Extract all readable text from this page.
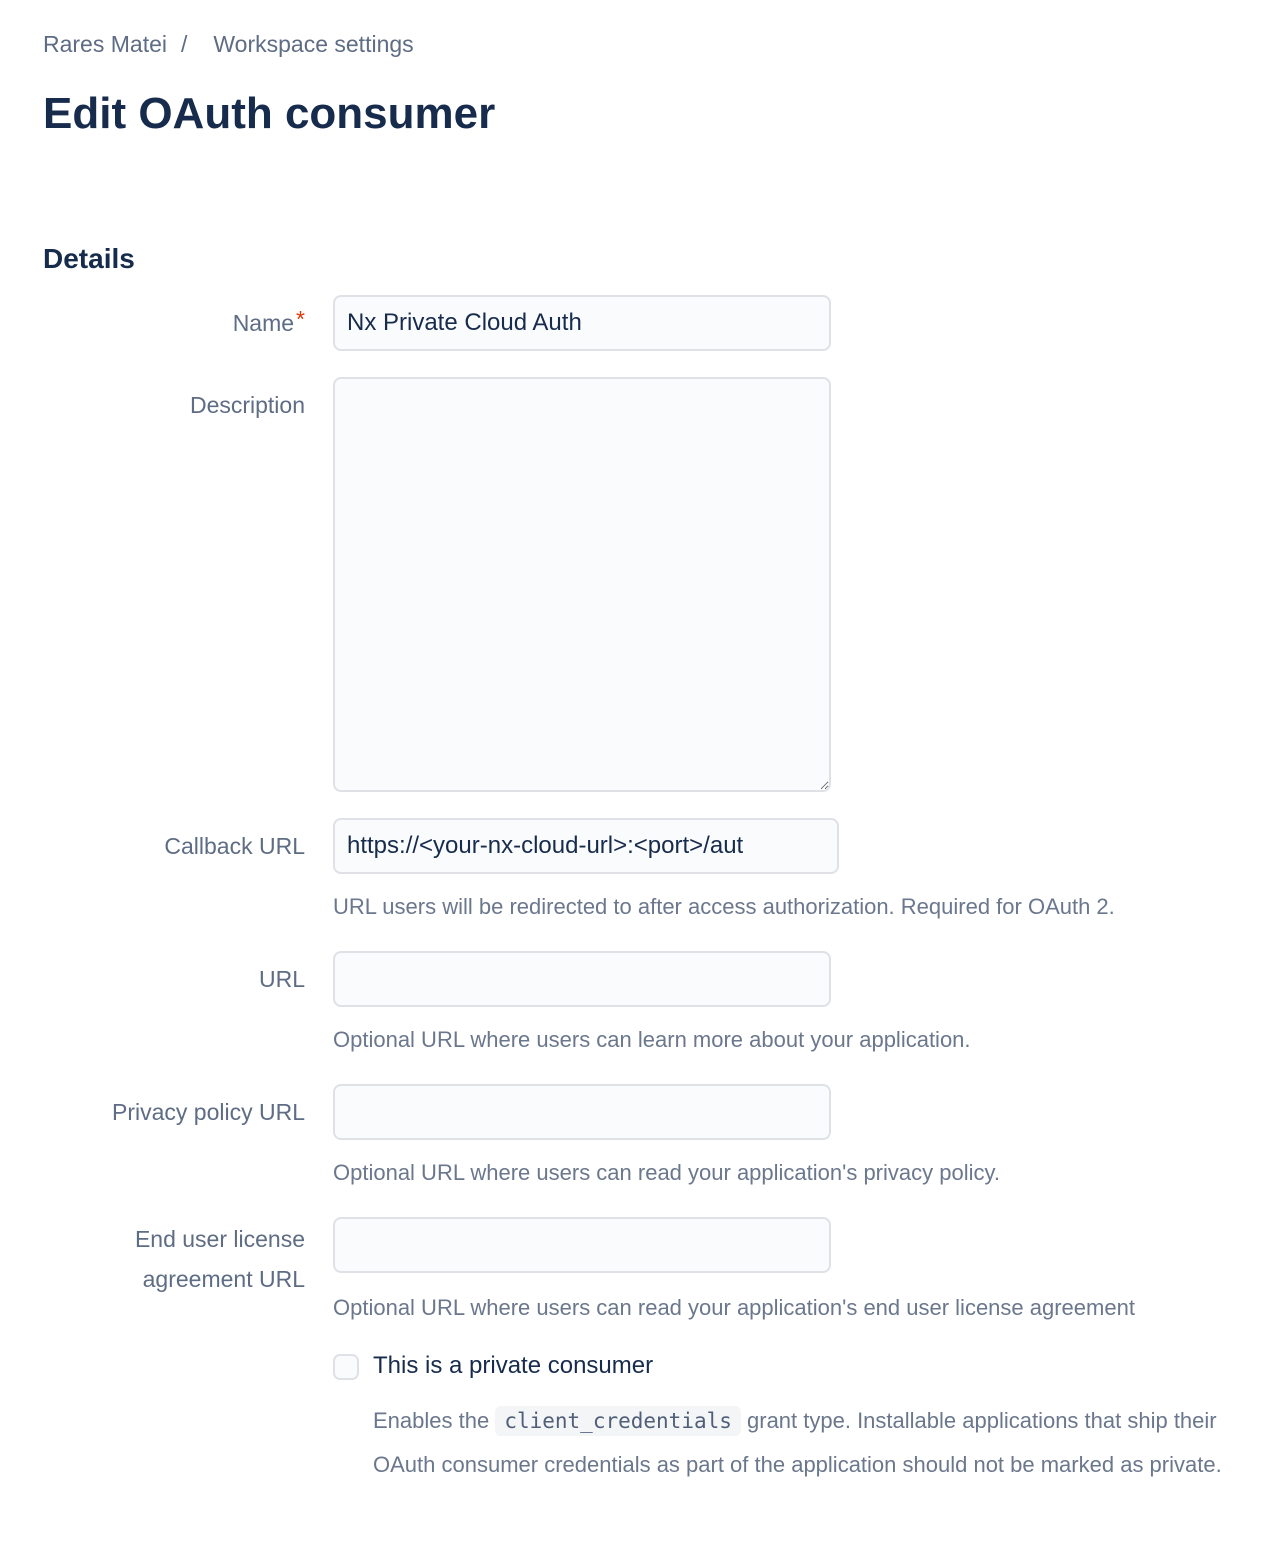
Rares Matei / Workspace settings
Edit OAuth consumer
Details
Name *
Nx Private Cloud Auth
Description
Callback URL
https://<your-nx-cloud-url>:<port>/aut
URL users will be redirected to after access authorization. Required for OAuth 2.
URL
Optional URL where users can learn more about your application.
Privacy policy URL
Optional URL where users can read your application's privacy policy.
End user license agreement URL
Optional URL where users can read your application's end user license agreement
This is a private consumer
Enables the client_credentials grant type. Installable applications that ship their OAuth consumer credentials as part of the application should not be marked as private.
